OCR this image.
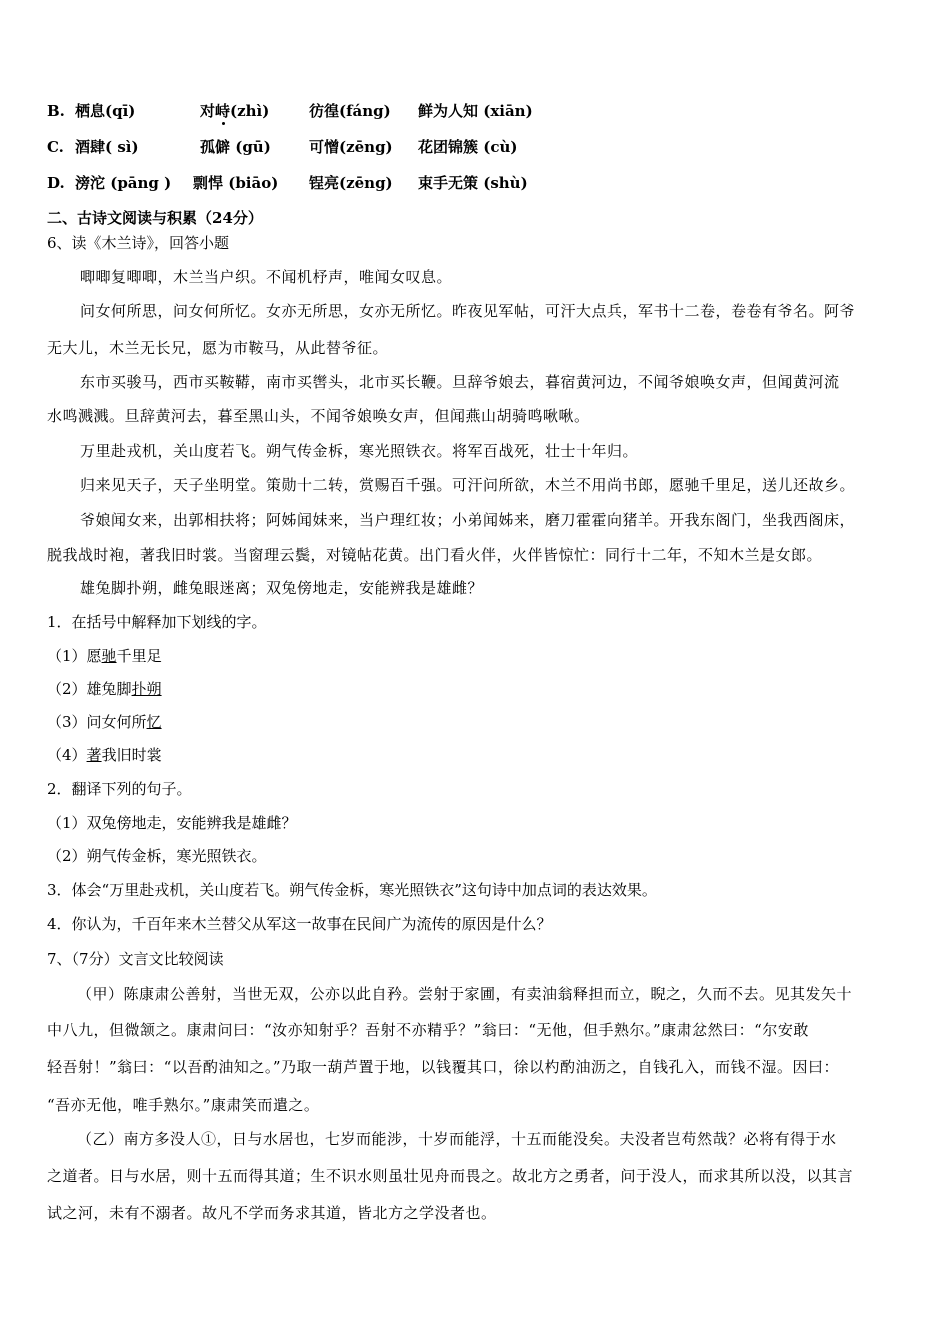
B. 栖息(qī)	对峙(zhì)	彷徨(fáng) 鲜为人知 (xiān)
C. 酒肆( sì)	孤僻 (gū)	可憎(zēng) 花团锦簇 (cù)
D. 滂沱 (pāng ) 剽悍 (biāo) 锃亮(zēng) 束手无策 (shù)
二、古诗文阅读与积累（24分）
6、读《木兰诗》，回答小题
唧唧复唧唧，木兰当户织。不闻机杼声，唯闻女叹息。
问女何所思，问女何所忆。女亦无所思，女亦无所忆。昨夜见军帖，可汗大点兵，军书十二卷，卷卷有爷名。阿爷
无大儿，木兰无长兄，愿为市鞍马，从此替爷征。
东市买骏马，西市买鞍鞯，南市买辔头，北市买长鞭。旦辞爷娘去，暮宿黄河边，不闻爷娘唤女声，但闻黄河流
水鸣溅溅。旦辞黄河去，暮至黑山头，不闻爷娘唤女声，但闻燕山胡骑鸣啾啾。
万里赴戎机，关山度若飞。朔气传金柝，寒光照铁衣。将军百战死，壮士十年归。
归来见天子，天子坐明堂。策勋十二转，赏赐百千强。可汗问所欲，木兰不用尚书郎，愿驰千里足，送儿还故乡。
爷娘闻女来，出郭相扶将；阿姊闻妹来，当户理红妆；小弟闻姊来，磨刀霍霍向猪羊。开我东阁门，坐我西阁床，
脱我战时袍，著我旧时裳。当窗理云鬓，对镜帖花黄。出门看火伴，火伴皆惊忙：同行十二年，不知木兰是女郎。
雄兔脚扑朔，雌兔眼迷离；双兔傍地走，安能辨我是雄雌？
1．在括号中解释加下划线的字。
（1）愿驰千里足
（2）雄兔脚扑朔
（3）问女何所忆
（4）著我旧时裳
2．翻译下列的句子。
（1）双兔傍地走，安能辨我是雄雌？
（2）朔气传金柝，寒光照铁衣。
3．体会“万里赴戎机，关山度若飞。朔气传金柝，寒光照铁衣”这句诗中加点词的表达效果。
4．你认为，千百年来木兰替父从军这一故事在民间广为流传的原因是什么？
7、（7分）文言文比较阅读
（甲）陈康肃公善射，当世无双，公亦以此自矜。尝射于家圃，有卖油翁释担而立，睨之，久而不去。见其发矢十
中八九，但微颔之。康肃问曰：“汝亦知射乎？吾射不亦精乎？”翁曰：“无他，但手熟尔。”康肃忿然曰：“尔安敢
轻吾射！”翁曰：“以吾酌油知之。”乃取一葫芦置于地，以钱覆其口，徐以杓酌油沥之，自钱孔入，而钱不湿。因曰：
“吾亦无他，唯手熟尔。”康肃笑而遣之。
（乙）南方多没人①，日与水居也，七岁而能涉，十岁而能浮，十五而能没矣。夫没者岂苟然哉？必将有得于水
之道者。日与水居，则十五而得其道；生不识水则虽壮见舟而畏之。故北方之勇者，问于没人，而求其所以没，以其言
试之河，未有不溺者。故凡不学而务求其道，皆北方之学没者也。
